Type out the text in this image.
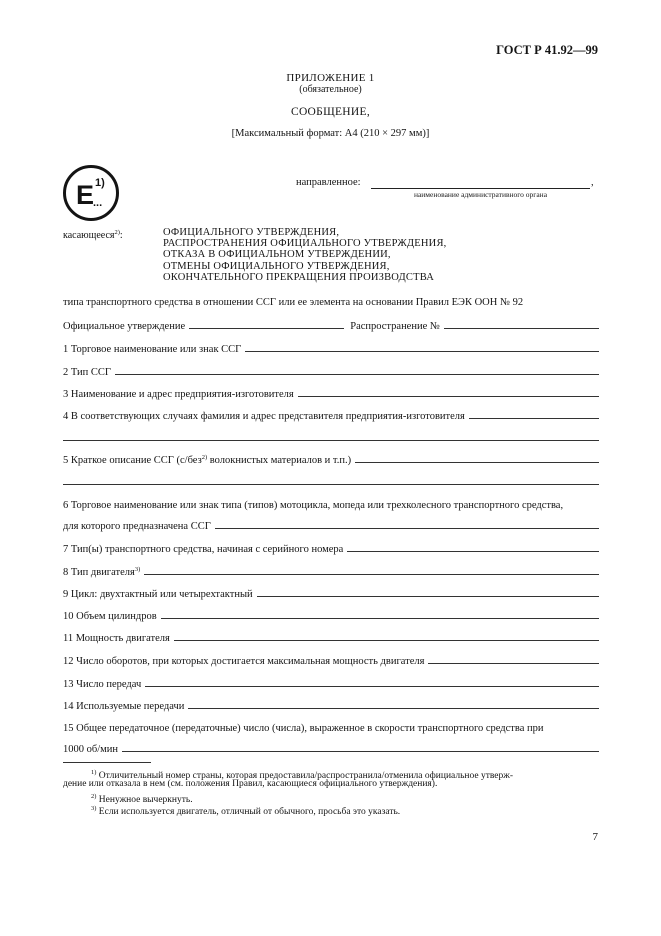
ГОСТ Р 41.92—99
ПРИЛОЖЕНИЕ 1
(обязательное)
СООБЩЕНИЕ,
[Максимальный формат: А4 (210 × 297 мм)]
E
...
1)	направленное:	,
наименование административного органа
касающееся$^{2)}$:	ОФИЦИАЛЬНОГО УТВЕРЖДЕНИЯ,
РАСПРОСТРАНЕНИЯ ОФИЦИАЛЬНОГО УТВЕРЖДЕНИЯ,
ОТКАЗА В ОФИЦИАЛЬНОМ УТВЕРЖДЕНИИ,
ОТМЕНЫ ОФИЦИАЛЬНОГО УТВЕРЖДЕНИЯ,
ОКОНЧАТЕЛЬНОГО ПРЕКРАЩЕНИЯ ПРОИЗВОДСТВА
типа транспортного средства в отношении ССГ или ее элемента на основании Правил ЕЭК ООН № 92
Официальное утверждение	Распространение №
1 Торговое наименование или знак ССГ
2 Тип ССГ
3 Наименование и адрес предприятия-изготовителя
4 В соответствующих случаях фамилия и адрес представителя предприятия-изготовителя
5 Краткое описание ССГ (с/без$^{2)}$ волокнистых материалов и т.п.)
6 Торговое наименование или знак типа (типов) мотоцикла, мопеда или трехколесного транспортного средства,
для которого предназначена ССГ
7 Тип(ы) транспортного средства, начиная с серийного номера
8 Тип двигателя$^{3)}$
9 Цикл: двухтактный или четырехтактный
10 Объем цилиндров
11 Мощность двигателя
12 Число оборотов, при которых достигается максимальная мощность двигателя
13 Число передач
14 Используемые передачи
15 Общее передаточное (передаточные) число (числа), выраженное в скорости транспортного средства при
1000 об/мин
$^{1)}$ Отличительный номер страны, которая предоставила/распространила/отменила официальное утверж-
дение или отказала в нем (см. положения Правил, касающиеся официального утверждения).
$^{2)}$ Ненужное вычеркнуть.
$^{3)}$ Если используется двигатель, отличный от обычного, просьба это указать.
7
